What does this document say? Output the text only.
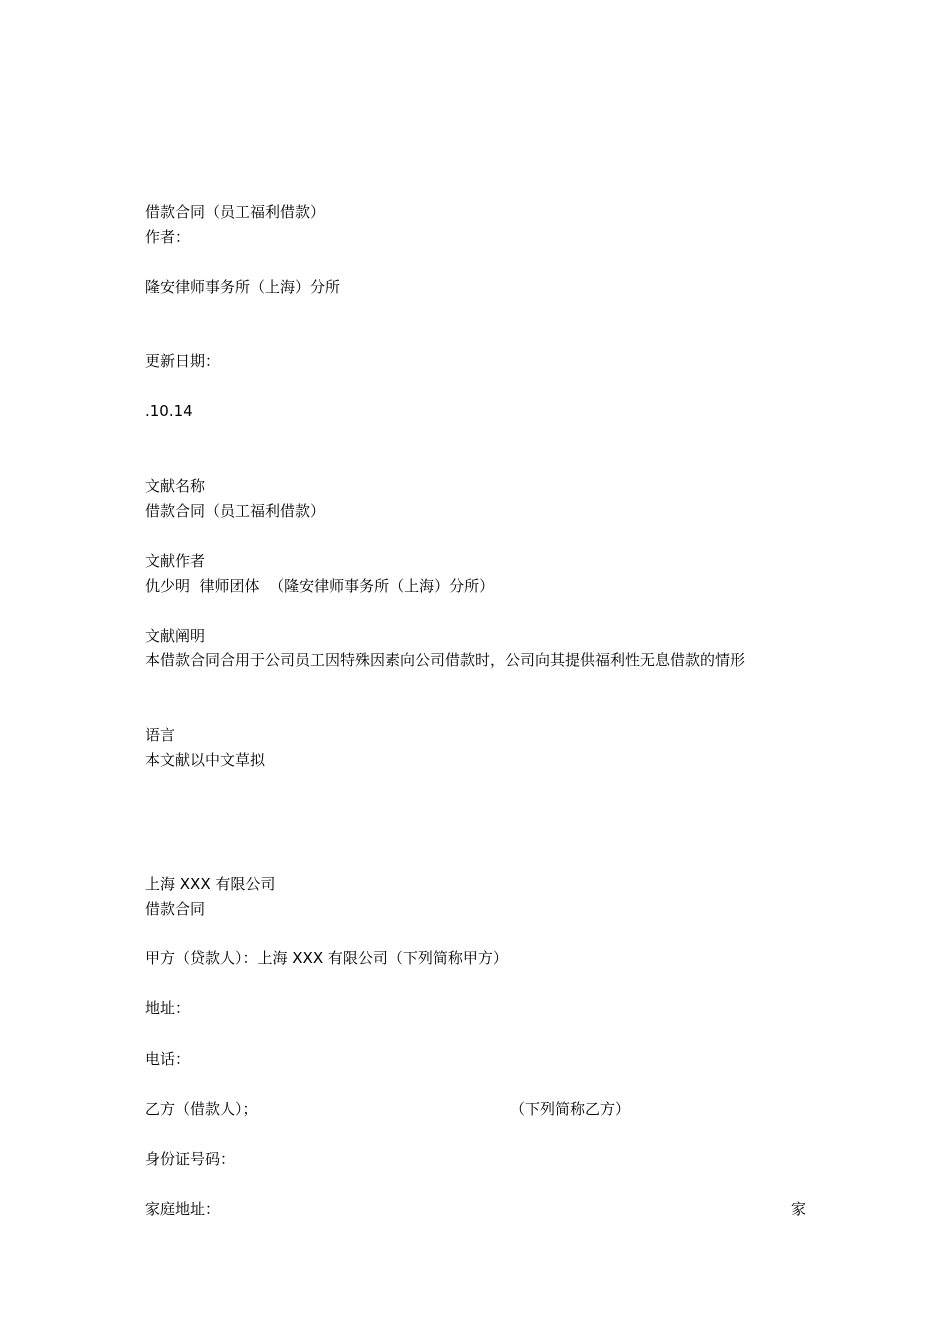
借款合同（员工福利借款）

作者：

隆安律师事务所（上海）分所

更新日期：

.10.14

文献名称

借款合同（员工福利借款）

文献作者

仇少明  律师团体  （隆安律师事务所（上海）分所）

文献阐明

本借款合同合用于公司员工因特殊因素向公司借款时，公司向其提供福利性无息借款的情形

语言

本文献以中文草拟

上海 XXX 有限公司

借款合同

甲方（贷款人）：上海 XXX 有限公司（下列简称甲方）

地址：

电话：

乙方（借款人）；	（下列简称乙方）

身份证号码：

家庭地址：	家
